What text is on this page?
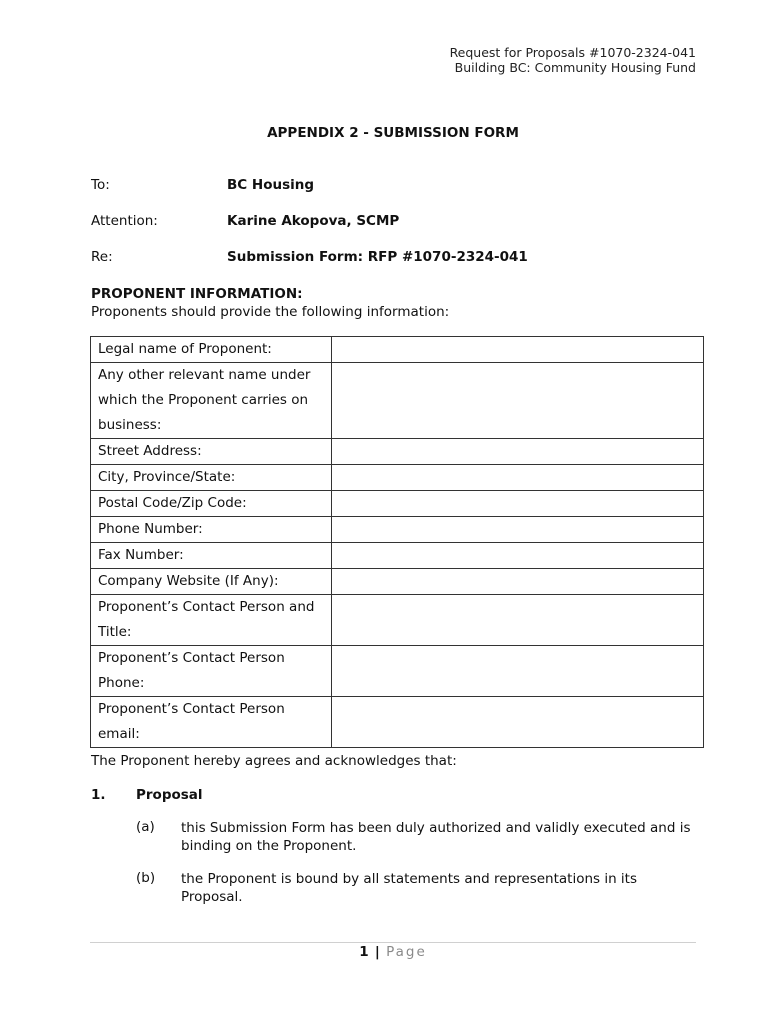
Request for Proposals #1070-2324-041
Building BC: Community Housing Fund
APPENDIX 2 - SUBMISSION FORM
To:	BC Housing
Attention:	Karine Akopova, SCMP
Re:	Submission Form: RFP #1070-2324-041
PROPONENT INFORMATION:
Proponents should provide the following information:
Legal name of Proponent:	
Any other relevant name under which the Proponent carries on business:	
Street Address:	
City, Province/State:	
Postal Code/Zip Code:	
Phone Number:	
Fax Number:	
Company Website (If Any):	
Proponent’s Contact Person and Title:	
Proponent’s Contact Person Phone:	
Proponent’s Contact Person email:	
The Proponent hereby agrees and acknowledges that:
1. Proposal
(a) this Submission Form has been duly authorized and validly executed and is binding on the Proponent.
(b) the Proponent is bound by all statements and representations in its Proposal.
1 | Page
